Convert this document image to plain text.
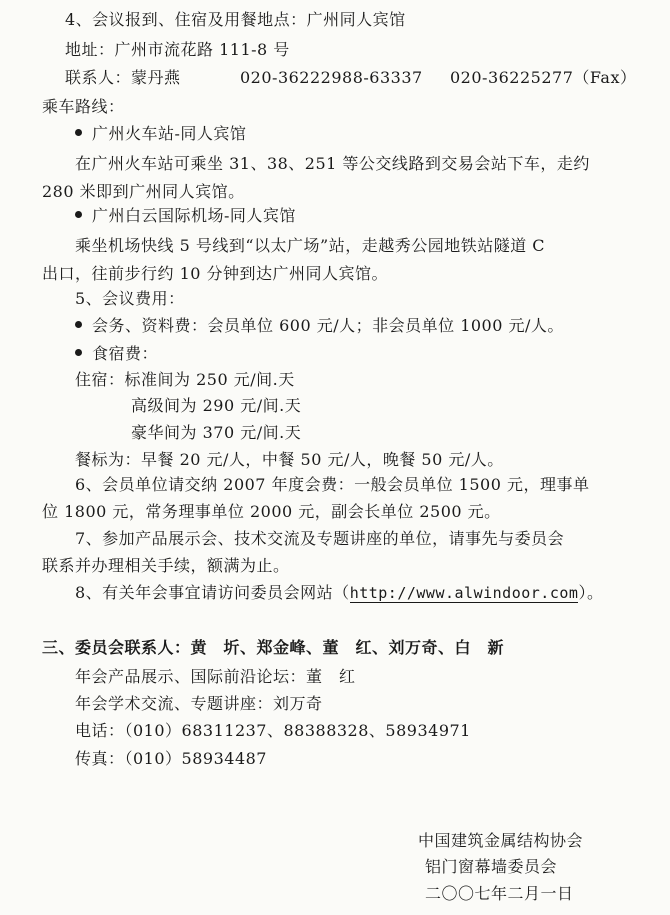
4、会议报到、住宿及用餐地点：广州同人宾馆
地址：广州市流花路 111-8 号
联系人：蒙丹燕	020-36222988-63337 020-36225277（Fax）
乘车路线：
广州火车站-同人宾馆
在广州火车站可乘坐 31、38、251 等公交线路到交易会站下车，走约
280 米即到广州同人宾馆。
广州白云国际机场-同人宾馆
乘坐机场快线 5 号线到“以太广场”站，走越秀公园地铁站隧道 C
出口，往前步行约 10 分钟到达广州同人宾馆。
5、会议费用：
会务、资料费：会员单位 600 元/人；非会员单位 1000 元/人。
食宿费：
住宿：标准间为 250 元/间.天
高级间为 290 元/间.天
豪华间为 370 元/间.天
餐标为：早餐 20 元/人，中餐 50 元/人，晚餐 50 元/人。
6、会员单位请交纳 2007 年度会费：一般会员单位 1500 元，理事单
位 1800 元，常务理事单位 2000 元，副会长单位 2500 元。
7、参加产品展示会、技术交流及专题讲座的单位，请事先与委员会
联系并办理相关手续，额满为止。
8、有关年会事宜请访问委员会网站（http://www.alwindoor.com）。
三、委员会联系人：黄　圻、郑金峰、董　红、刘万奇、白　新
年会产品展示、国际前沿论坛：董　红
年会学术交流、专题讲座：刘万奇
电话：（010）68311237、88388328、58934971
传真：（010）58934487
中国建筑金属结构协会
铝门窗幕墙委员会
二〇〇七年二月一日
